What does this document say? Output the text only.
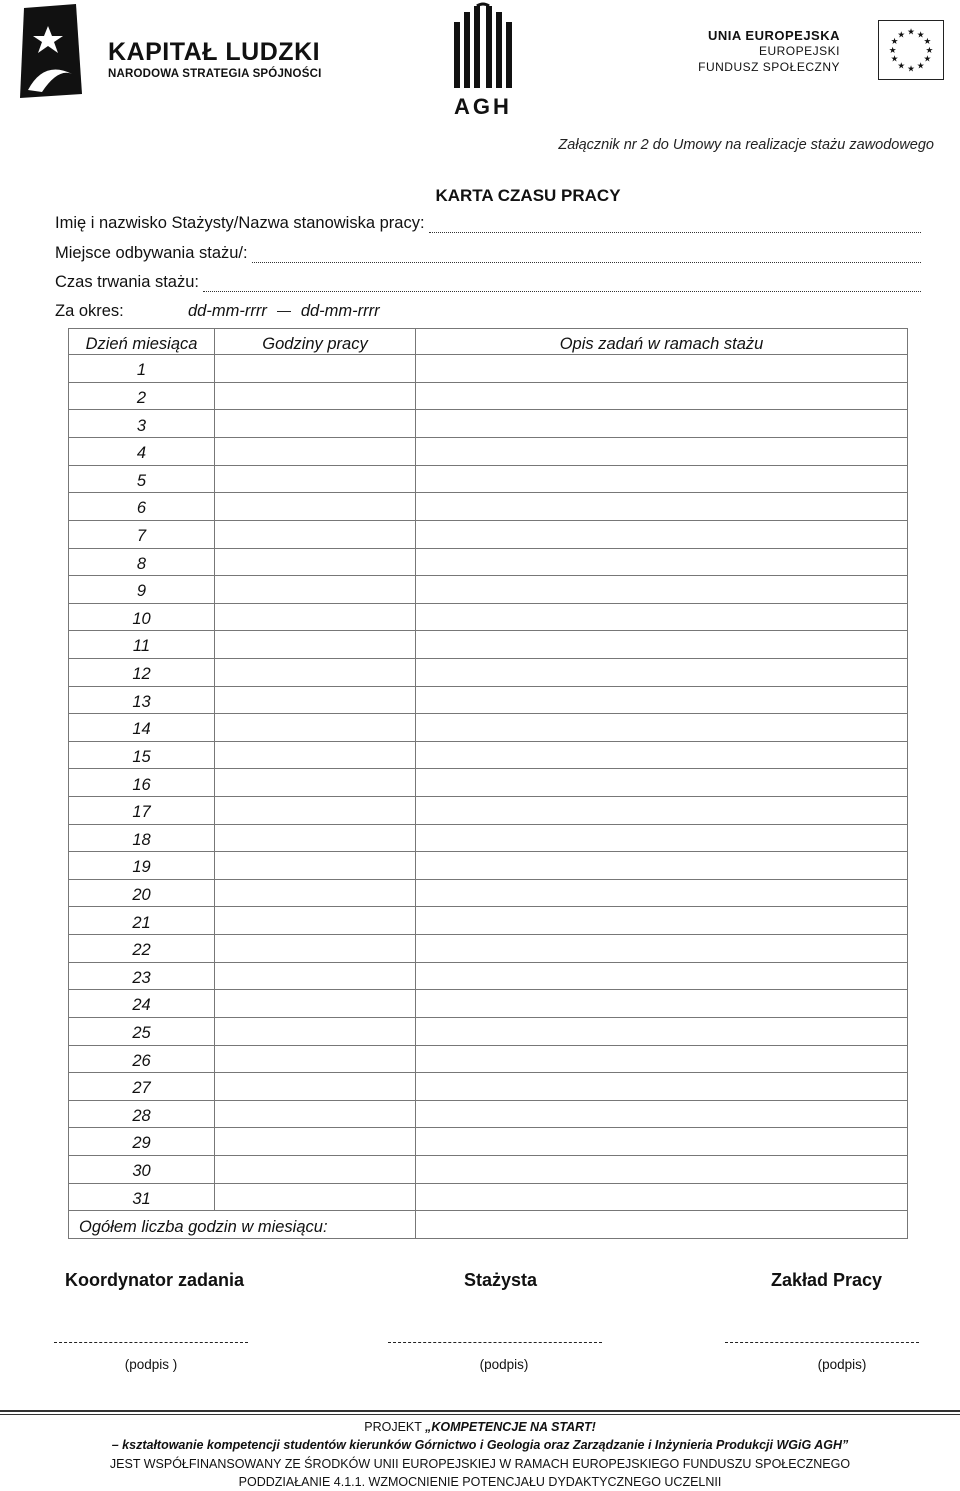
KAPITAŁ LUDZKI
NARODOWA STRATEGIA SPÓJNOŚCI
AGH
UNIA EUROPEJSKA
EUROPEJSKI
FUNDUSZ SPOŁECZNY
★ ★
★
★
★
★
★
★
★
★
★
★
Załącznik nr 2 do Umowy na realizacje stażu zawodowego
KARTA CZASU PRACY
Imię i nazwisko Stażysty/Nazwa stanowiska pracy:
Miejsce odbywania stażu/:
Czas trwania stażu:
Za okres:	dd-mm-rrrr dd-mm-rrrr
Dzień miesiąca	Godziny pracy	Opis zadań w ramach stażu
1		
2		
3		
4		
5		
6		
7		
8		
9		
10		
11		
12		
13		
14		
15		
16		
17		
18		
19		
20		
21		
22		
23		
24		
25		
26		
27		
28		
29		
30		
31		
Ogółem liczba godzin w miesiącu:		
Koordynator zadania	Stażysta	Zakład Pracy
(podpis )	(podpis)	(podpis)
PROJEKT „KOMPETENCJE NA START!
– kształtowanie kompetencji studentów kierunków Górnictwo i Geologia oraz Zarządzanie i Inżynieria Produkcji WGiG AGH”
JEST WSPÓŁFINANSOWANY ZE ŚRODKÓW UNII EUROPEJSKIEJ W RAMACH EUROPEJSKIEGO FUNDUSZU SPOŁECZNEGO
PODDZIAŁANIE 4.1.1. WZMOCNIENIE POTENCJAŁU DYDAKTYCZNEGO UCZELNII
